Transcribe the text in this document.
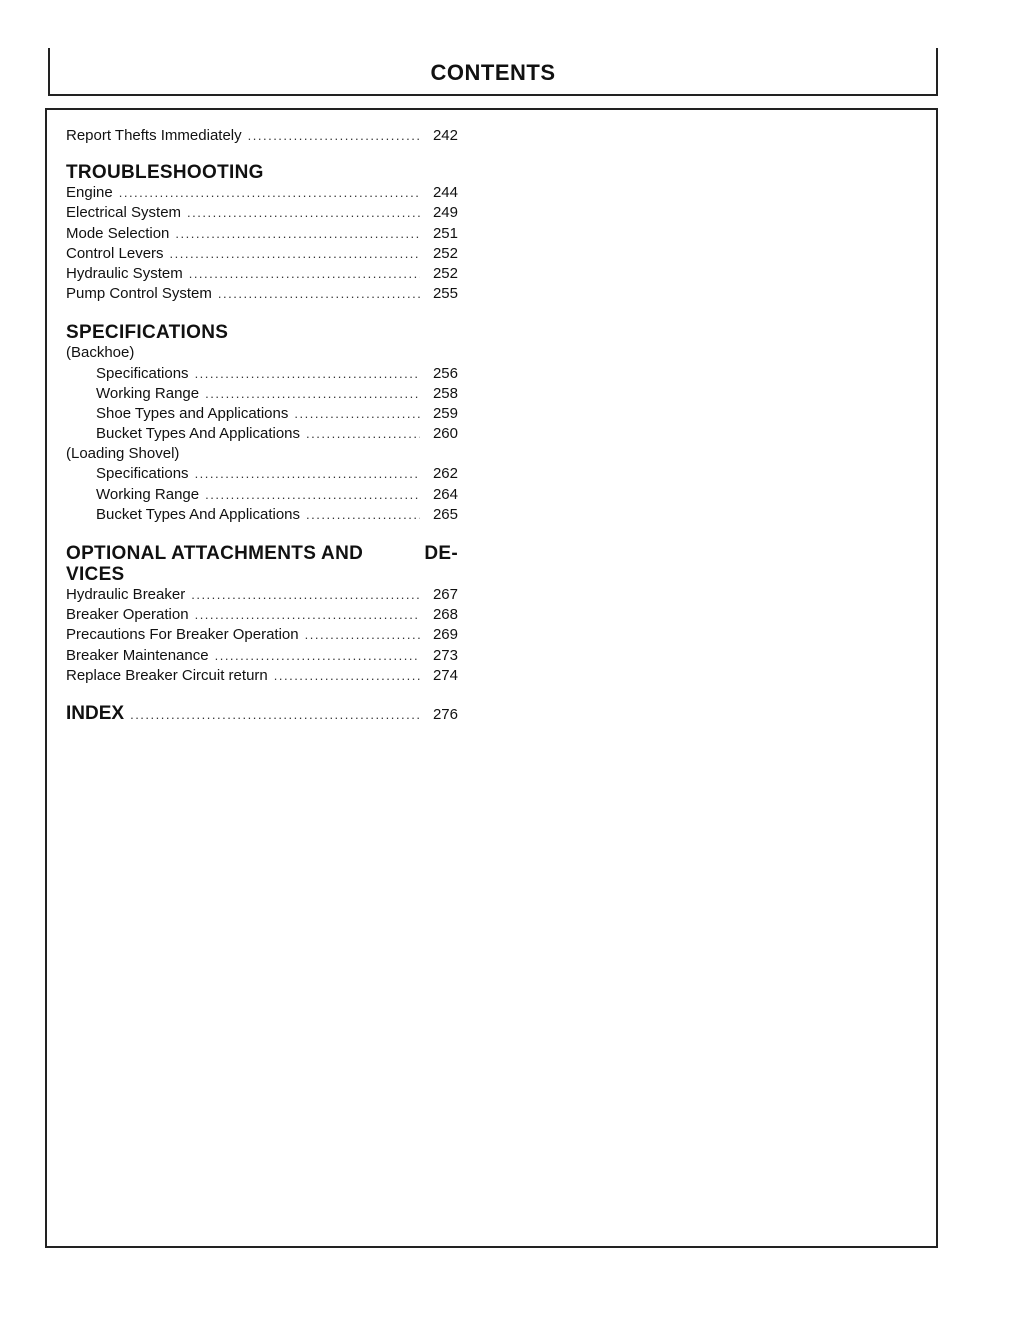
CONTENTS
Report Thefts Immediately .....	242
TROUBLESHOOTING
Engine .....	244
Electrical System .....	249
Mode Selection .....	251
Control Levers .....	252
Hydraulic System .....	252
Pump Control System .....	255
SPECIFICATIONS
(Backhoe)
Specifications .....	256
Working Range .....	258
Shoe Types and Applications .....	259
Bucket Types And Applications .....	260
(Loading Shovel)
Specifications .....	262
Working Range .....	264
Bucket Types And Applications .....	265
OPTIONAL ATTACHMENTS AND	DE-
VICES
Hydraulic Breaker .....	267
Breaker Operation .....	268
Precautions For Breaker Operation .....	269
Breaker Maintenance .....	273
Replace Breaker Circuit return .....	274
INDEX .....	276
